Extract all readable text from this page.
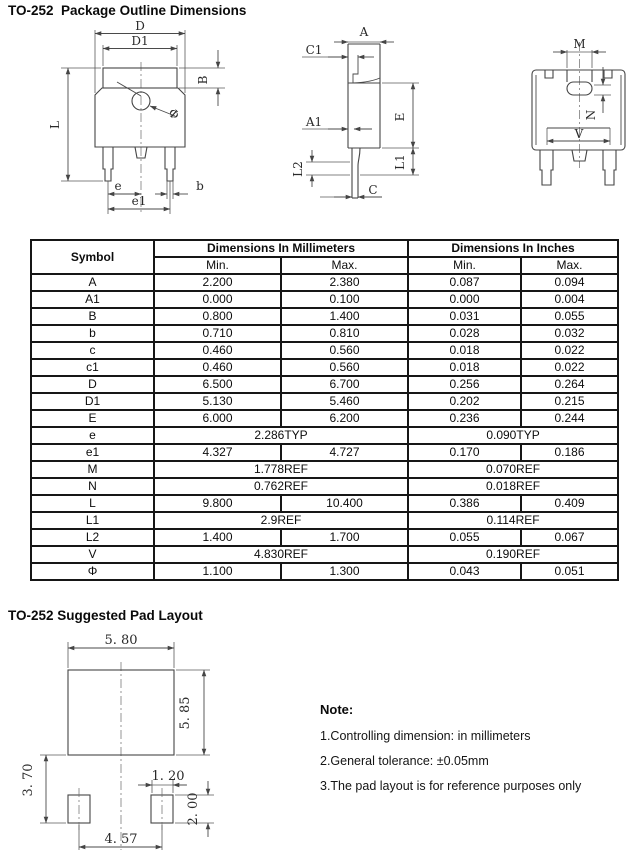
TO-252  Package Outline Dimensions
Φ
D
D1
B
L
e
e1
b
A
C1
A1	E
L1
L2
C
M
N
V
Symbol	Dimensions In Millimeters		Dimensions In Inches	
	Min.	Max.	Min.	Max.
A	2.200	2.380	0.087	0.094
A1	0.000	0.100	0.000	0.004
B	0.800	1.400	0.031	0.055
b	0.710	0.810	0.028	0.032
c	0.460	0.560	0.018	0.022
c1	0.460	0.560	0.018	0.022
D	6.500	6.700	0.256	0.264
D1	5.130	5.460	0.202	0.215
E	6.000	6.200	0.236	0.244
e	2.286TYP		0.090TYP	
e1	4.327	4.727	0.170	0.186
M	1.778REF		0.070REF	
N	0.762REF		0.018REF	
L	9.800	10.400	0.386	0.409
L1	2.9REF		0.114REF	
L2	1.400	1.700	0.055	0.067
V	4.830REF		0.190REF	
Φ	1.100	1.300	0.043	0.051
TO-252 Suggested Pad Layout
5. 80
5. 85
3. 70	1. 20
2. 00
4. 57
Note:
1.Controlling dimension: in millimeters
2.General tolerance: ±0.05mm
3.The pad layout is for reference purposes only
